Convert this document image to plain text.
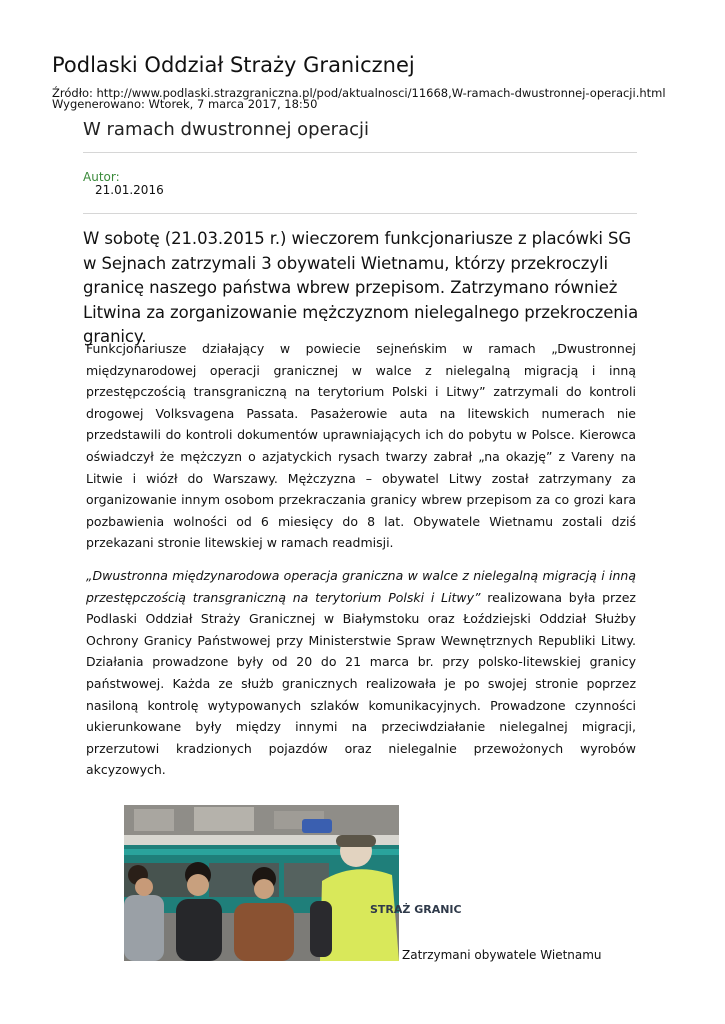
Podlaski Oddział Straży Granicznej
Źródło: http://www.podlaski.strazgraniczna.pl/pod/aktualnosci/11668,W-ramach-dwustronnej-operacji.html
Wygenerowano: Wtorek, 7 marca 2017, 18:50
W ramach dwustronnej operacji
Autor:
21.01.2016

W sobotę (21.03.2015 r.) wieczorem funkcjonariusze z placówki SG w Sejnach zatrzymali 3 obywateli Wietnamu, którzy przekroczyli granicę naszego państwa wbrew przepisom. Zatrzymano również Litwina za zorganizowanie mężczyznom nielegalnego przekroczenia granicy.

Funkcjonariusze działający w powiecie sejneńskim w ramach „Dwustronnej międzynarodowej operacji granicznej w walce z nielegalną migracją i inną przestępczością transgraniczną na terytorium Polski i Litwy” zatrzymali do kontroli drogowej Volksvagena Passata. Pasażerowie auta na litewskich numerach nie przedstawili do kontroli dokumentów uprawniających ich do pobytu w Polsce. Kierowca oświadczył że mężczyzn o azjatyckich rysach twarzy zabrał „na okazję” z Vareny na Litwie i wiózł do Warszawy. Mężczyzna – obywatel Litwy został zatrzymany za organizowanie innym osobom przekraczania granicy wbrew przepisom za co grozi kara pozbawienia wolności od 6 miesięcy do 8 lat. Obywatele Wietnamu zostali dziś przekazani stronie litewskiej w ramach readmisji.

„Dwustronna międzynarodowa operacja graniczna w walce z nielegalną migracją i inną przestępczością transgraniczną na terytorium Polski i Litwy” realizowana była przez Podlaski Oddział Straży Granicznej w Białymstoku oraz Łoździejski Oddział Służby Ochrony Granicy Państwowej przy Ministerstwie Spraw Wewnętrznych Republiki Litwy. Działania prowadzone były od 20 do 21 marca br. przy polsko-litewskiej granicy państwowej. Każda ze służb granicznych realizowała je po swojej stronie poprzez nasiloną kontrolę wytypowanych szlaków komunikacyjnych. Prowadzone czynności ukierunkowane były między innymi na przeciwdziałanie nielegalnej migracji, przerzutowi kradzionych pojazdów oraz nielegalnie przewożonych wyrobów akcyzowych.

STRAŻ GRANIC
Zatrzymani obywatele Wietnamu
